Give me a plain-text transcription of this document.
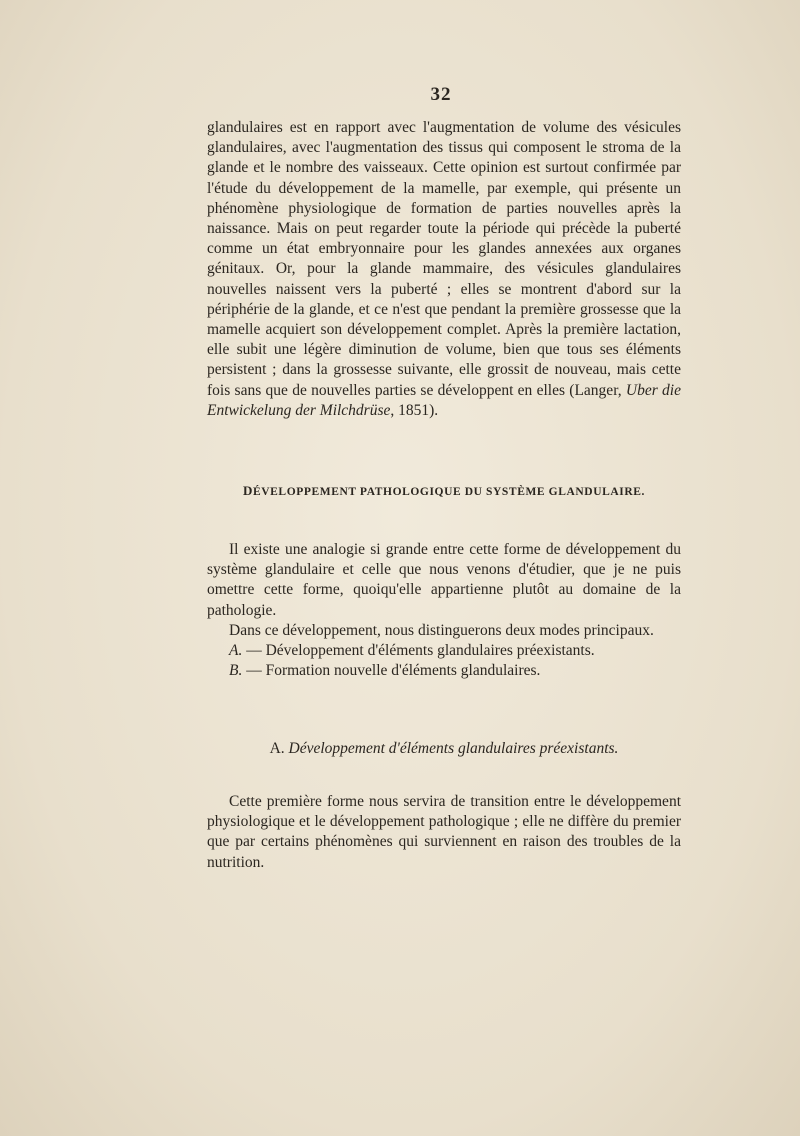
32

glandulaires est en rapport avec l'augmentation de volume des vésicules glandulaires, avec l'augmentation des tissus qui composent le stroma de la glande et le nombre des vaisseaux. Cette opinion est surtout confirmée par l'étude du développement de la mamelle, par exemple, qui présente un phénomène physiologique de formation de parties nouvelles après la naissance. Mais on peut regarder toute la période qui précède la puberté comme un état embryonnaire pour les glandes annexées aux organes génitaux. Or, pour la glande mammaire, des vésicules glandulaires nouvelles naissent vers la puberté ; elles se montrent d'abord sur la périphérie de la glande, et ce n'est que pendant la première grossesse que la mamelle acquiert son développement complet. Après la première lactation, elle subit une légère diminution de volume, bien que tous ses éléments persistent ; dans la grossesse suivante, elle grossit de nouveau, mais cette fois sans que de nouvelles parties se développent en elles (Langer, Uber die Entwickelung der Milchdrüse, 1851).

DÉVELOPPEMENT PATHOLOGIQUE DU SYSTÈME GLANDULAIRE.

Il existe une analogie si grande entre cette forme de développement du système glandulaire et celle que nous venons d'étudier, que je ne puis omettre cette forme, quoiqu'elle appartienne plutôt au domaine de la pathologie.

Dans ce développement, nous distinguerons deux modes principaux.

A. — Développement d'éléments glandulaires préexistants.

B. — Formation nouvelle d'éléments glandulaires.

A. Développement d'éléments glandulaires préexistants.

Cette première forme nous servira de transition entre le développement physiologique et le développement pathologique ; elle ne diffère du premier que par certains phénomènes qui surviennent en raison des troubles de la nutrition.
